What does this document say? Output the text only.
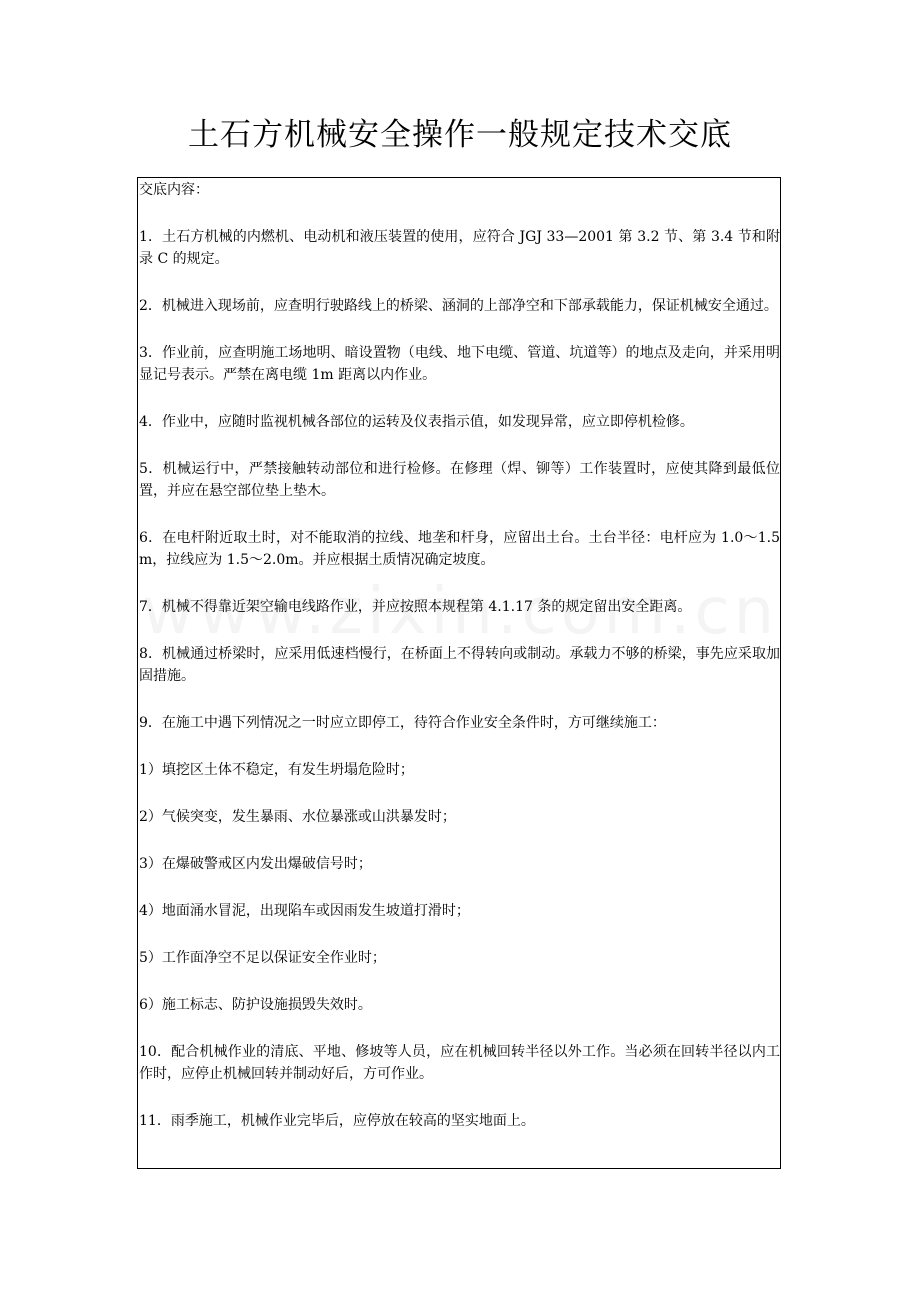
土石方机械安全操作一般规定技术交底

交底内容：

1．土石方机械的内燃机、电动机和液压装置的使用，应符合 JGJ 33—2001 第 3.2 节、第 3.4 节和附录 C 的规定。
2．机械进入现场前，应查明行驶路线上的桥梁、涵洞的上部净空和下部承载能力，保证机械安全通过。
3．作业前，应查明施工场地明、暗设置物（电线、地下电缆、管道、坑道等）的地点及走向，并采用明显记号表示。严禁在离电缆 1m 距离以内作业。
4．作业中，应随时监视机械各部位的运转及仪表指示值，如发现异常，应立即停机检修。
5．机械运行中，严禁接触转动部位和进行检修。在修理（焊、铆等）工作装置时，应使其降到最低位置，并应在悬空部位垫上垫木。
6．在电杆附近取土时，对不能取消的拉线、地垄和杆身，应留出土台。土台半径：电杆应为 1.0～1.5m，拉线应为 1.5～2.0m。并应根据土质情况确定坡度。
7．机械不得靠近架空输电线路作业，并应按照本规程第 4.1.17 条的规定留出安全距离。
8．机械通过桥梁时，应采用低速档慢行，在桥面上不得转向或制动。承载力不够的桥梁，事先应采取加固措施。
9．在施工中遇下列情况之一时应立即停工，待符合作业安全条件时，方可继续施工：
1）填挖区土体不稳定，有发生坍塌危险时；
2）气候突变，发生暴雨、水位暴涨或山洪暴发时；
3）在爆破警戒区内发出爆破信号时；
4）地面涌水冒泥，出现陷车或因雨发生坡道打滑时；
5）工作面净空不足以保证安全作业时；
6）施工标志、防护设施损毁失效时。
10．配合机械作业的清底、平地、修坡等人员，应在机械回转半径以外工作。当必须在回转半径以内工作时，应停止机械回转并制动好后，方可作业。
11．雨季施工，机械作业完毕后，应停放在较高的坚实地面上。
